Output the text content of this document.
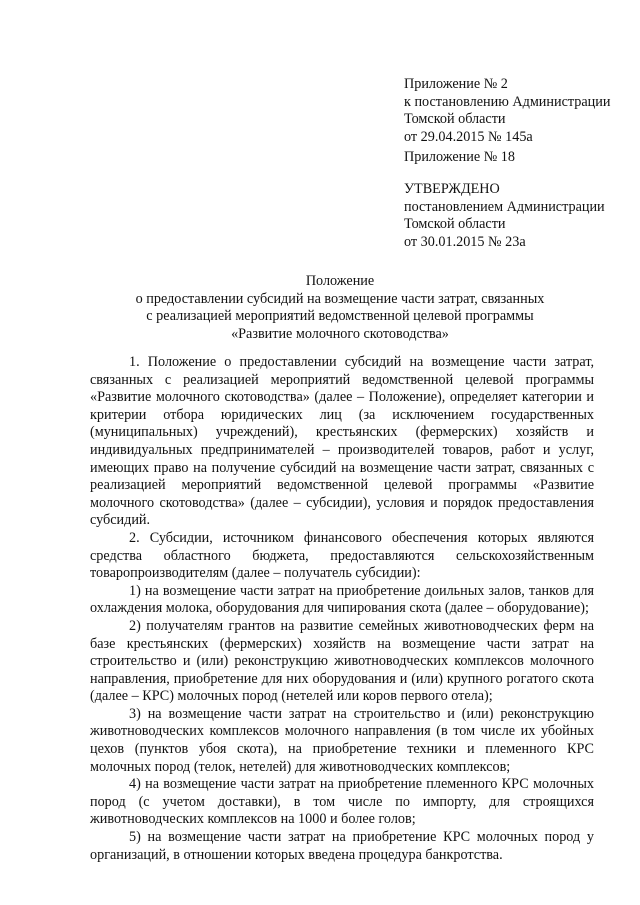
Приложение № 2
к постановлению Администрации
Томской области
от 29.04.2015 № 145а
Приложение № 18
УТВЕРЖДЕНО
постановлением Администрации
Томской области
от 30.01.2015 № 23а
Положение
о предоставлении субсидий на возмещение части затрат, связанных
с реализацией мероприятий ведомственной целевой программы
«Развитие молочного скотоводства»

1. Положение о предоставлении субсидий на возмещение части затрат, связанных с реализацией мероприятий ведомственной целевой программы «Развитие молочного скотоводства» (далее – Положение), определяет категории и критерии отбора юридических лиц (за исключением государственных (муниципальных) учреждений), крестьянских (фермерских) хозяйств и индивидуальных предпринимателей – производителей товаров, работ и услуг, имеющих право на получение субсидий на возмещение части затрат, связанных с реализацией мероприятий ведомственной целевой программы «Развитие молочного скотоводства» (далее – субсидии), условия и порядок предоставления субсидий.

2. Субсидии, источником финансового обеспечения которых являются средства областного бюджета, предоставляются сельскохозяйственным товаропроизводителям (далее – получатель субсидии):

1) на возмещение части затрат на приобретение доильных залов, танков для охлаждения молока, оборудования для чипирования скота (далее – оборудование);

2) получателям грантов на развитие семейных животноводческих ферм на базе крестьянских (фермерских) хозяйств на возмещение части затрат на строительство и (или) реконструкцию животноводческих комплексов молочного направления, приобретение для них оборудования и (или) крупного рогатого скота (далее – КРС) молочных пород (нетелей или коров первого отела);

3) на возмещение части затрат на строительство и (или) реконструкцию животноводческих комплексов молочного направления (в том числе их убойных цехов (пунктов убоя скота), на приобретение техники и племенного КРС молочных пород (телок, нетелей) для животноводческих комплексов;

4) на возмещение части затрат на приобретение племенного КРС молочных пород (с учетом доставки), в том числе по импорту, для строящихся животноводческих комплексов на 1000 и более голов;

5) на возмещение части затрат на приобретение КРС молочных пород у организаций, в отношении которых введена процедура банкротства.
